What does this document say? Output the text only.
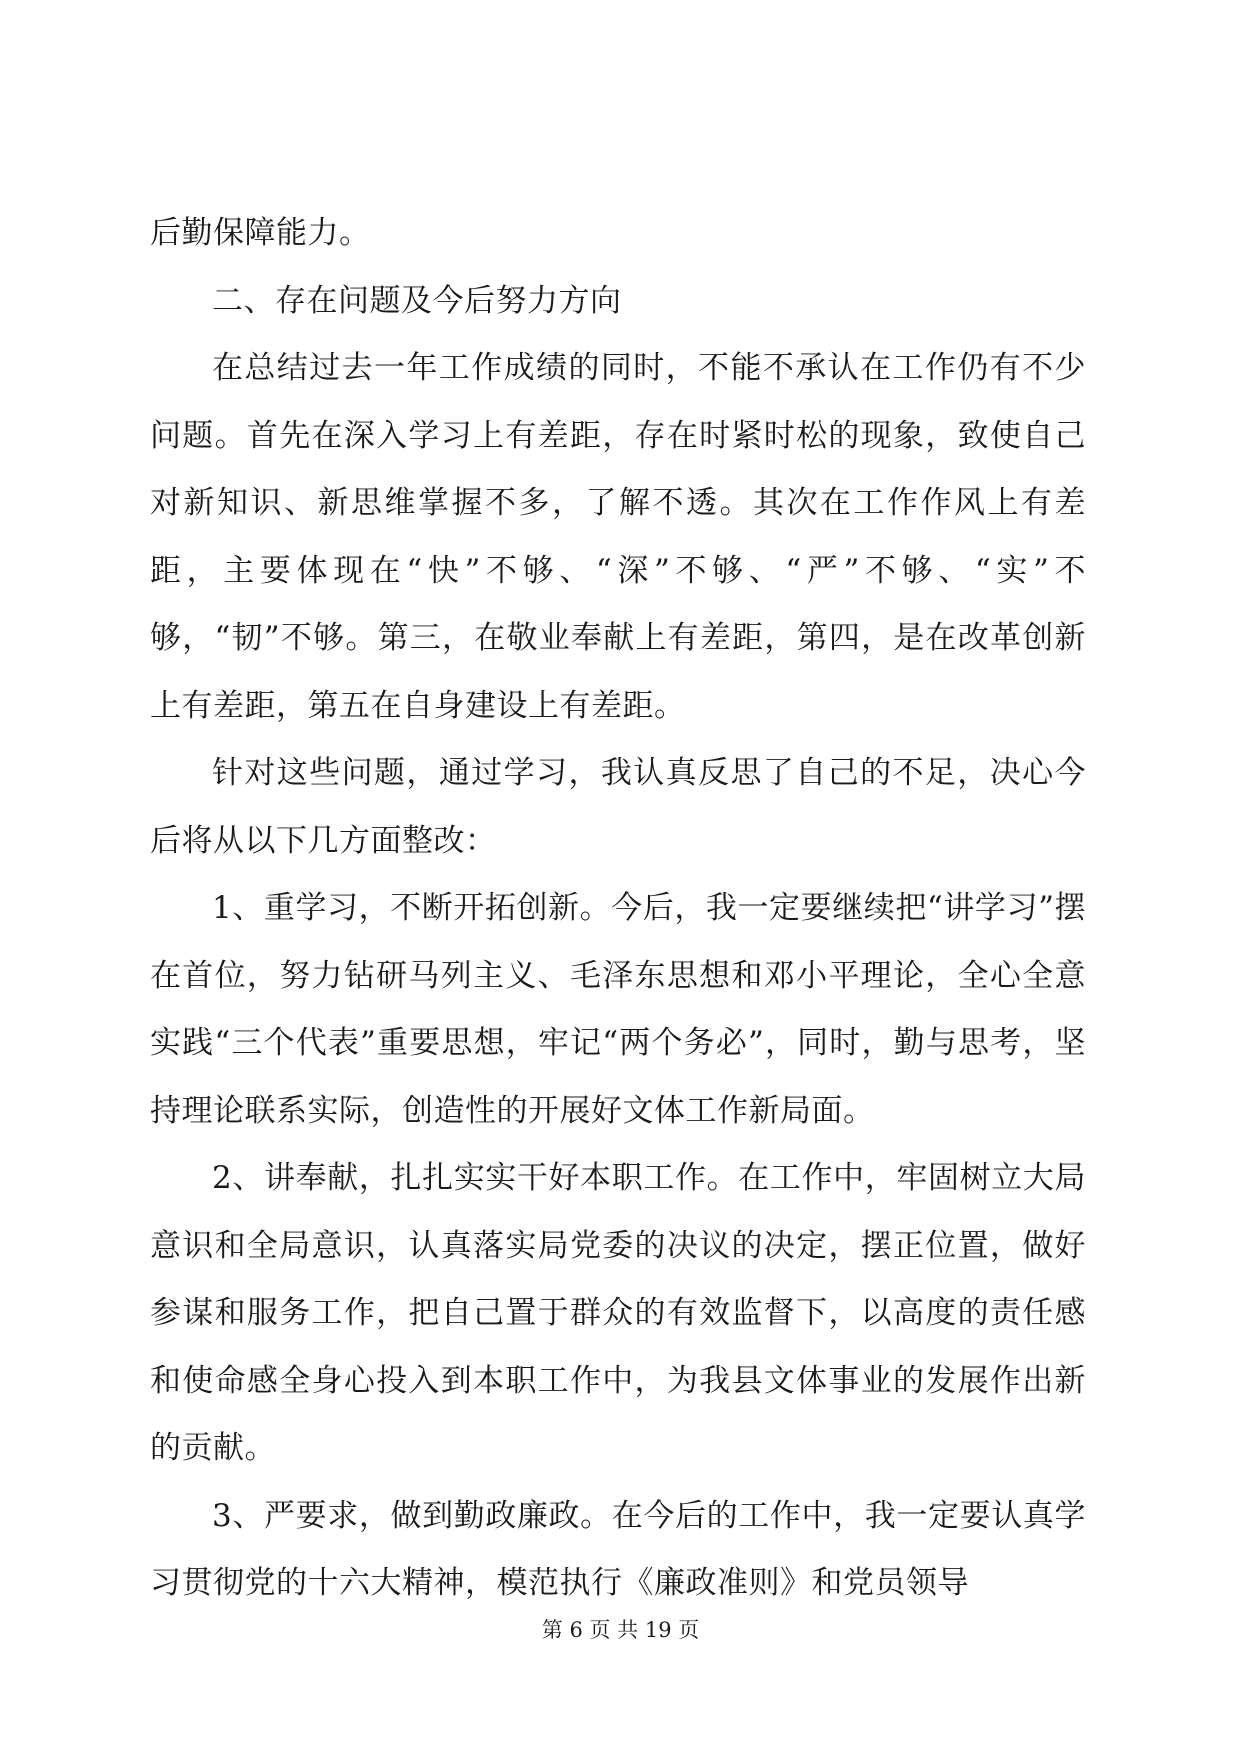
后勤保障能力。

二、存在问题及今后努力方向

在总结过去一年工作成绩的同时，不能不承认在工作仍有不少问题。首先在深入学习上有差距，存在时紧时松的现象，致使自己对新知识、新思维掌握不多，了解不透。其次在工作作风上有差距，主要体现在“快”不够、“深”不够、“严”不够、“实”不够，“韧”不够。第三，在敬业奉献上有差距，第四，是在改革创新上有差距，第五在自身建设上有差距。

针对这些问题，通过学习，我认真反思了自己的不足，决心今后将从以下几方面整改：

1、重学习，不断开拓创新。今后，我一定要继续把“讲学习”摆在首位，努力钻研马列主义、毛泽东思想和邓小平理论，全心全意实践“三个代表”重要思想，牢记“两个务必”，同时，勤与思考，坚持理论联系实际，创造性的开展好文体工作新局面。

2、讲奉献，扎扎实实干好本职工作。在工作中，牢固树立大局意识和全局意识，认真落实局党委的决议的决定，摆正位置，做好参谋和服务工作，把自己置于群众的有效监督下，以高度的责任感和使命感全身心投入到本职工作中，为我县文体事业的发展作出新的贡献。

3、严要求，做到勤政廉政。在今后的工作中，我一定要认真学习贯彻党的十六大精神，模范执行《廉政准则》和党员领导

第 6 页 共 19 页
